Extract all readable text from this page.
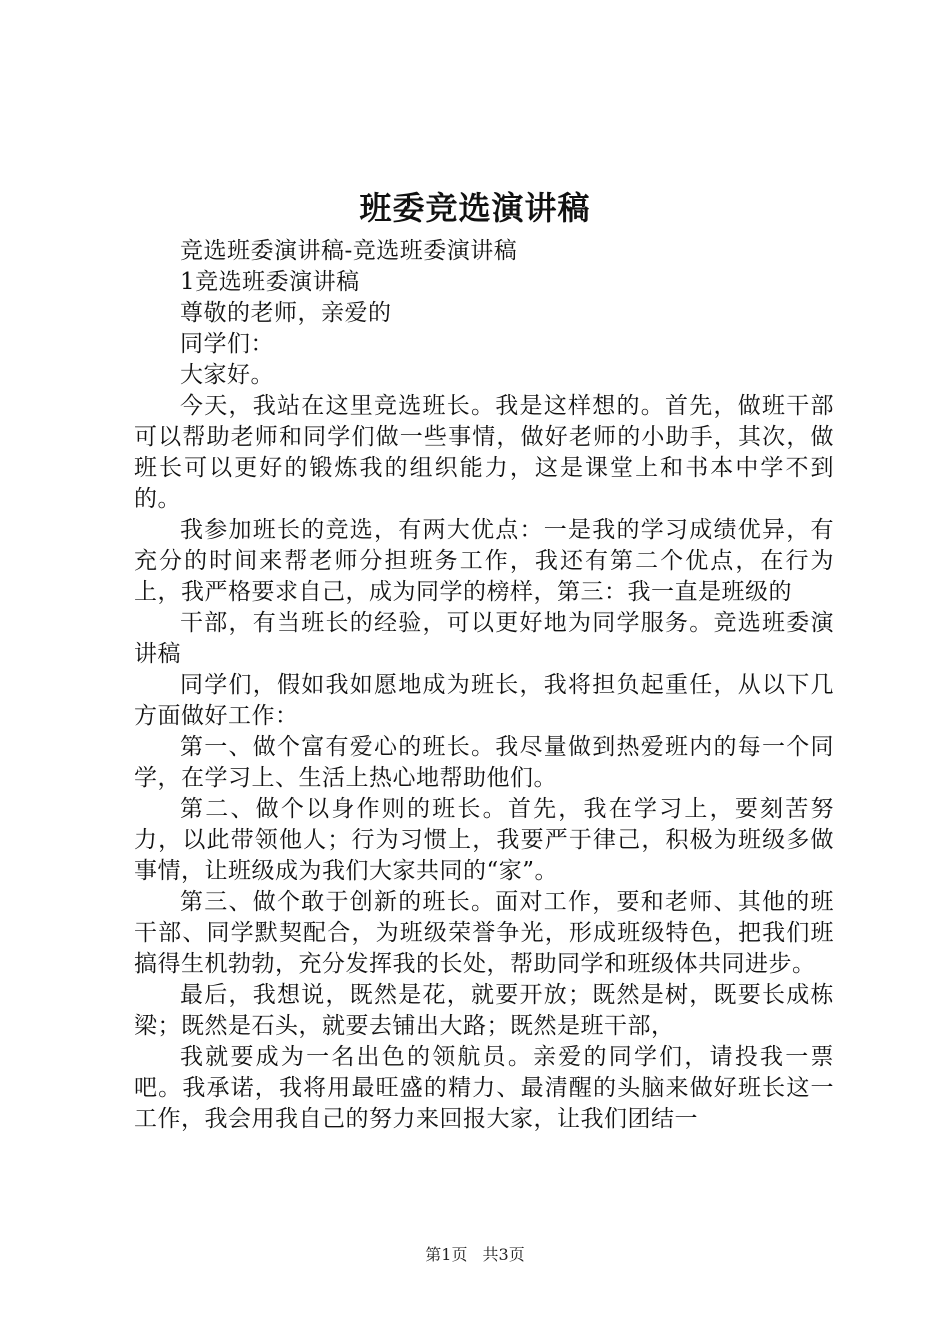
班委竞选演讲稿

竞选班委演讲稿-竞选班委演讲稿

1竞选班委演讲稿

尊敬的老师，亲爱的

同学们：

大家好。

今天，我站在这里竞选班长。我是这样想的。首先，做班干部可以帮助老师和同学们做一些事情，做好老师的小助手，其次，做班长可以更好的锻炼我的组织能力，这是课堂上和书本中学不到的。

我参加班长的竞选，有两大优点：一是我的学习成绩优异，有充分的时间来帮老师分担班务工作，我还有第二个优点，在行为上，我严格要求自己，成为同学的榜样，第三：我一直是班级的

干部，有当班长的经验，可以更好地为同学服务。竞选班委演讲稿

同学们，假如我如愿地成为班长，我将担负起重任，从以下几方面做好工作：

第一、做个富有爱心的班长。我尽量做到热爱班内的每一个同学，在学习上、生活上热心地帮助他们。

第二、做个以身作则的班长。首先，我在学习上，要刻苦努力，以此带领他人；行为习惯上，我要严于律己，积极为班级多做事情，让班级成为我们大家共同的“家”。

第三、做个敢于创新的班长。面对工作，要和老师、其他的班干部、同学默契配合，为班级荣誉争光，形成班级特色，把我们班搞得生机勃勃，充分发挥我的长处，帮助同学和班级体共同进步。

最后，我想说，既然是花，就要开放；既然是树，既要长成栋梁；既然是石头，就要去铺出大路；既然是班干部，

我就要成为一名出色的领航员。亲爱的同学们，请投我一票吧。我承诺，我将用最旺盛的精力、最清醒的头脑来做好班长这一工作，我会用我自己的努力来回报大家，让我们团结一

第1页 共3页
